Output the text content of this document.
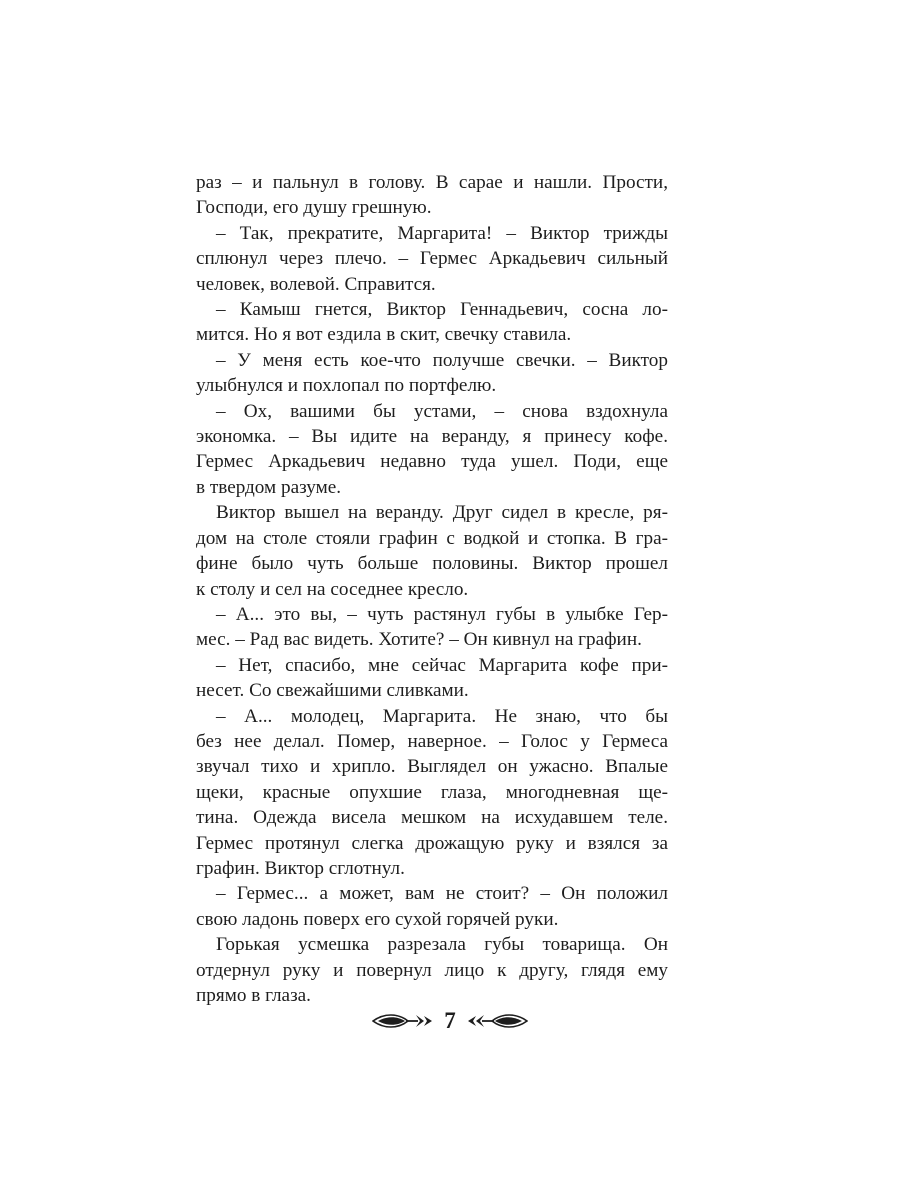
раз – и пальнул в голову. В сарае и нашли. Прости,
Господи, его душу грешную.
– Так, прекратите, Маргарита! – Виктор трижды
сплюнул через плечо. – Гермес Аркадьевич сильный
человек, волевой. Справится.
– Камыш гнется, Виктор Геннадьевич, сосна ло-
мится. Но я вот ездила в скит, свечку ставила.
– У меня есть кое-что получше свечки. – Виктор
улыбнулся и похлопал по портфелю.
– Ох, вашими бы устами, – снова вздохнула
экономка. – Вы идите на веранду, я принесу кофе.
Гермес Аркадьевич недавно туда ушел. Поди, еще
в твердом разуме.
Виктор вышел на веранду. Друг сидел в кресле, ря-
дом на столе стояли графин с водкой и стопка. В гра-
фине было чуть больше половины. Виктор прошел
к столу и сел на соседнее кресло.
– А... это вы, – чуть растянул губы в улыбке Гер-
мес. – Рад вас видеть. Хотите? – Он кивнул на графин.
– Нет, спасибо, мне сейчас Маргарита кофе при-
несет. Со свежайшими сливками.
– А... молодец, Маргарита. Не знаю, что бы
без нее делал. Помер, наверное. – Голос у Гермеса
звучал тихо и хрипло. Выглядел он ужасно. Впалые
щеки, красные опухшие глаза, многодневная ще-
тина. Одежда висела мешком на исхудавшем теле.
Гермес протянул слегка дрожащую руку и взялся за
графин. Виктор сглотнул.
– Гермес... а может, вам не стоит? – Он положил
свою ладонь поверх его сухой горячей руки.
Горькая усмешка разрезала губы товарища. Он
отдернул руку и повернул лицо к другу, глядя ему
прямо в глаза.
7
